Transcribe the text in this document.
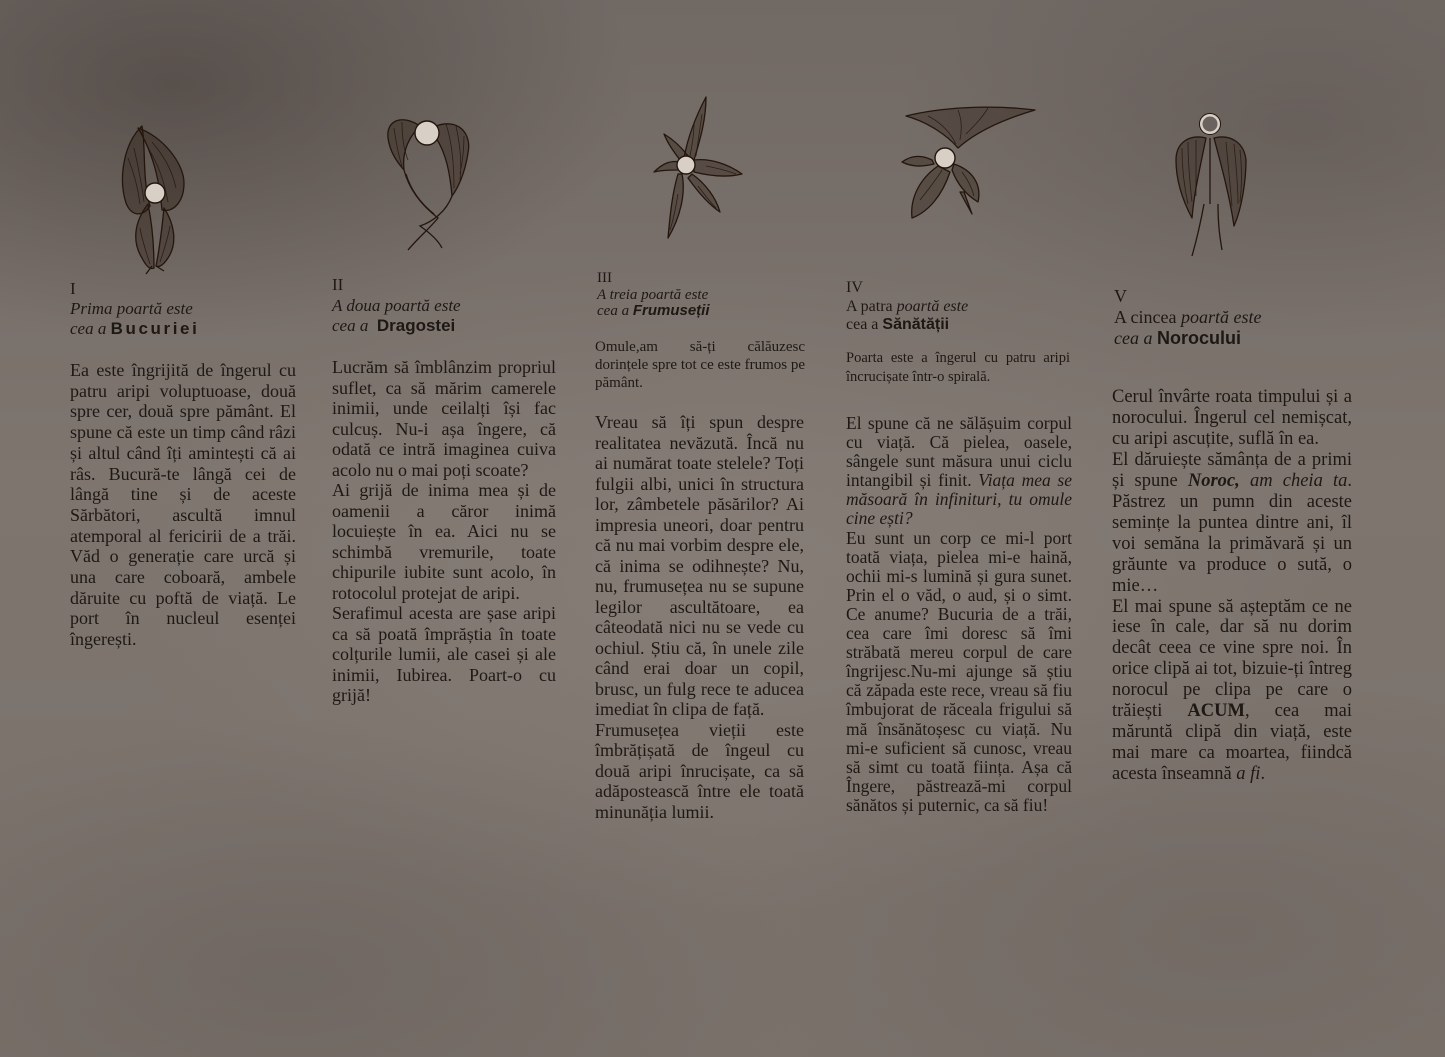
I
Prima poartă este
cea a Bucuriei

Ea este îngrijită de îngerul cu patru aripi voluptuoase, două spre cer, două spre pământ. El spune că este un timp când râzi și altul când îți amintești că ai râs. Bucură-te lângă cei de lângă tine și de aceste Sărbători, ascultă imnul atemporal al fericirii de a trăi. Văd o generație care urcă și una care coboară, ambele dăruite cu poftă de viață. Le port în nucleul esenței îngerești.

II
A doua poartă este
cea a Dragostei

Lucrăm să îmblânzim propriul suflet, ca să mărim camerele inimii, unde ceilalți își fac culcuș. Nu-i așa îngere, că odată ce intră imaginea cuiva acolo nu o mai poți scoate?

Ai grijă de inima mea și de oamenii a căror inimă locuiește în ea. Aici nu se schimbă vremurile, toate chipurile iubite sunt acolo, în rotocolul protejat de aripi.

Serafimul acesta are șase aripi ca să poată împrăștia în toate colțurile lumii, ale casei și ale inimii, Iubirea. Poart-o cu grijă!

III
A treia poartă este
cea a Frumuseții

Omule,am să-ți călăuzesc dorințele spre tot ce este frumos pe pământ.

Vreau să îți spun despre realitatea nevăzută. Încă nu ai numărat toate stelele? Toți fulgii albi, unici în structura lor, zâmbetele păsărilor? Ai impresia uneori, doar pentru că nu mai vorbim despre ele, că inima se odihnește? Nu, nu, frumusețea nu se supune legilor ascultătoare, ea câteodată nici nu se vede cu ochiul. Știu că, în unele zile când erai doar un copil, brusc, un fulg rece te aducea imediat în clipa de față.

Frumusețea vieții este îmbrățișată de îngeul cu două aripi înrucișate, ca să adăpostească între ele toată minunăția lumii.

IV
A patra poartă este
cea a Sănătății

Poarta este a îngerul cu patru aripi încrucișate într-o spirală.

El spune că ne sălășuim corpul cu viață. Că pielea, oasele, sângele sunt măsura unui ciclu intangibil și finit. Viața mea se măsoară în infinituri, tu omule cine ești?

Eu sunt un corp ce mi-l port toată viața, pielea mi-e haină, ochii mi-s lumină și gura sunet. Prin el o văd, o aud, și o simt. Ce anume? Bucuria de a trăi, cea care îmi doresc să îmi străbată mereu corpul de care îngrijesc.Nu-mi ajunge să știu că zăpada este rece, vreau să fiu îmbujorat de răceala frigului să mă însănătoșesc cu viață. Nu mi-e suficient să cunosc, vreau să simt cu toată ființa. Așa că Îngere, păstrează-mi corpul sănătos și puternic, ca să fiu!

V
A cincea poartă este
cea a Norocului

Cerul învârte roata timpului și a norocului. Îngerul cel nemișcat, cu aripi ascuțite, suflă în ea.

El dăruiește sămânța de a primi și spune Noroc, am cheia ta. Păstrez un pumn din aceste semințe la puntea dintre ani, îl voi semăna la primăvară și un grăunte va produce o sută, o mie…

El mai spune să așteptăm ce ne iese în cale, dar să nu dorim decât ceea ce vine spre noi. În orice clipă ai tot, bizuie-ți întreg norocul pe clipa pe care o trăiești ACUM, cea mai măruntă clipă din viață, este mai mare ca moartea, fiindcă acesta înseamnă a fi.
